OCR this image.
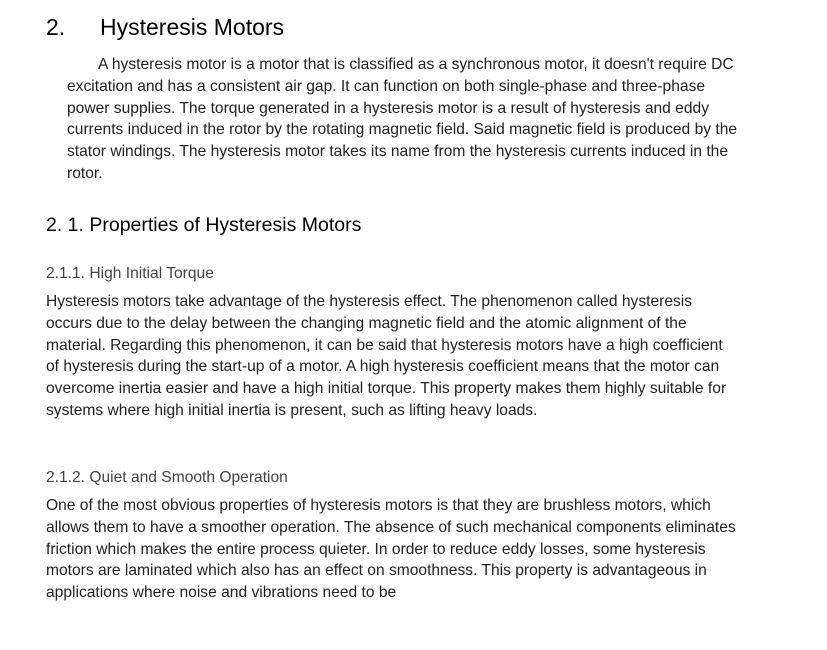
2. Hysteresis Motors

A hysteresis motor is a motor that is classified as a synchronous motor, it doesn't require DC excitation and has a consistent air gap. It can function on both single-phase and three-phase power supplies. The torque generated in a hysteresis motor is a result of hysteresis and eddy currents induced in the rotor by the rotating magnetic field. Said magnetic field is produced by the stator windings. The hysteresis motor takes its name from the hysteresis currents induced in the rotor.

2. 1. Properties of Hysteresis Motors
2.1.1. High Initial Torque

Hysteresis motors take advantage of the hysteresis effect. The phenomenon called hysteresis occurs due to the delay between the changing magnetic field and the atomic alignment of the material. Regarding this phenomenon, it can be said that hysteresis motors have a high coefficient of hysteresis during the start-up of a motor. A high hysteresis coefficient means that the motor can overcome inertia easier and have a high initial torque. This property makes them highly suitable for systems where high initial inertia is present, such as lifting heavy loads.

2.1.2. Quiet and Smooth Operation

One of the most obvious properties of hysteresis motors is that they are brushless motors, which allows them to have a smoother operation. The absence of such mechanical components eliminates friction which makes the entire process quieter. In order to reduce eddy losses, some hysteresis motors are laminated which also has an effect on smoothness. This property is advantageous in applications where noise and vibrations need to be
